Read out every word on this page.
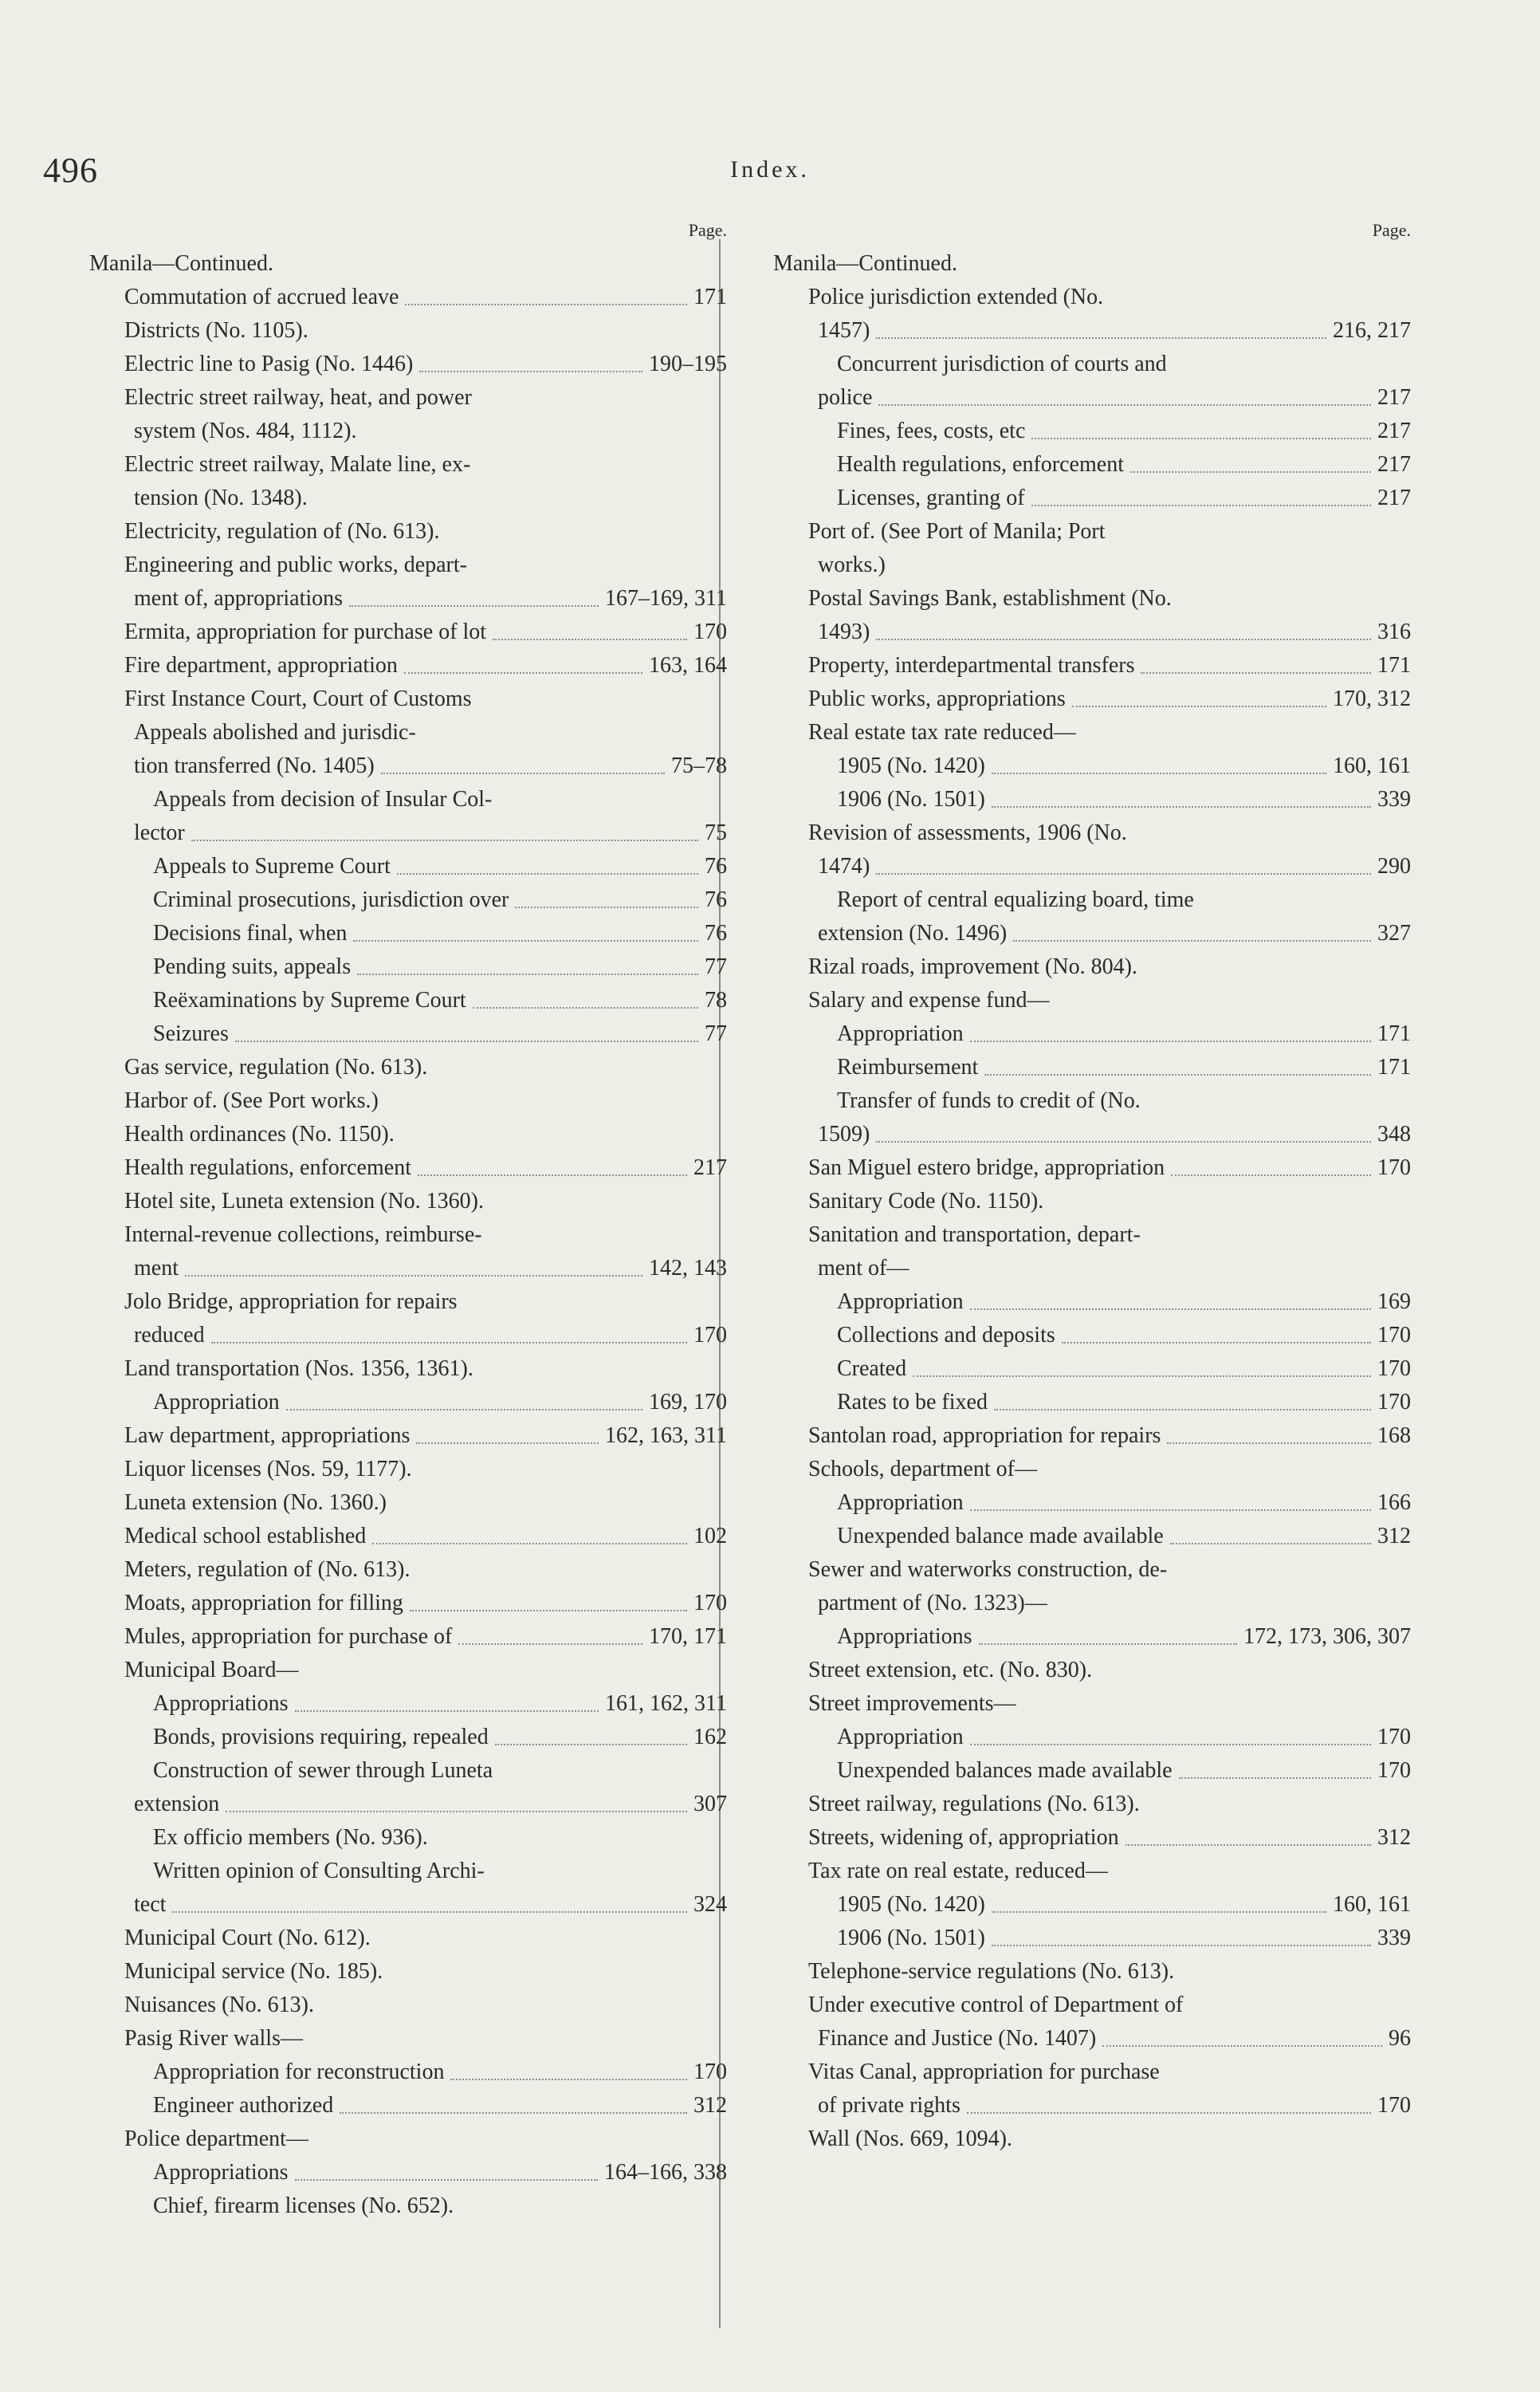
496	Index.
Page.
Manila—Continued.
Commutation of accrued leave	171
Districts (No. 1105).
Electric line to Pasig (No. 1446)	190–195
Electric street railway, heat, and power
system (Nos. 484, 1112).
Electric street railway, Malate line, ex-
tension (No. 1348).
Electricity, regulation of (No. 613).
Engineering and public works, depart-
ment of, appropriations	167–169, 311
Ermita, appropriation for purchase of lot	170
Fire department, appropriation	163, 164
First Instance Court, Court of Customs
Appeals abolished and jurisdic-
tion transferred (No. 1405)	75–78
Appeals from decision of Insular Col-
lector	75
Appeals to Supreme Court	76
Criminal prosecutions, jurisdiction over	76
Decisions final, when	76
Pending suits, appeals	77
Reëxaminations by Supreme Court	78
Seizures	77
Gas service, regulation (No. 613).
Harbor of. (See Port works.)
Health ordinances (No. 1150).
Health regulations, enforcement	217
Hotel site, Luneta extension (No. 1360).
Internal-revenue collections, reimburse-
ment	142, 143
Jolo Bridge, appropriation for repairs
reduced	170
Land transportation (Nos. 1356, 1361).
Appropriation	169, 170
Law department, appropriations	162, 163, 311
Liquor licenses (Nos. 59, 1177).
Luneta extension (No. 1360.)
Medical school established	102
Meters, regulation of (No. 613).
Moats, appropriation for filling	170
Mules, appropriation for purchase of	170, 171
Municipal Board—
Appropriations	161, 162, 311
Bonds, provisions requiring, repealed	162
Construction of sewer through Luneta
extension	307
Ex officio members (No. 936).
Written opinion of Consulting Archi-
tect	324
Municipal Court (No. 612).
Municipal service (No. 185).
Nuisances (No. 613).
Pasig River walls—
Appropriation for reconstruction	170
Engineer authorized	312
Police department—
Appropriations	164–166, 338
Chief, firearm licenses (No. 652).
Page.
Manila—Continued.
Police jurisdiction extended (No.
1457)	216, 217
Concurrent jurisdiction of courts and
police	217
Fines, fees, costs, etc	217
Health regulations, enforcement	217
Licenses, granting of	217
Port of. (See Port of Manila; Port
works.)
Postal Savings Bank, establishment (No.
1493)	316
Property, interdepartmental transfers	171
Public works, appropriations	170, 312
Real estate tax rate reduced—
1905 (No. 1420)	160, 161
1906 (No. 1501)	339
Revision of assessments, 1906 (No.
1474)	290
Report of central equalizing board, time
extension (No. 1496)	327
Rizal roads, improvement (No. 804).
Salary and expense fund—
Appropriation	171
Reimbursement	171
Transfer of funds to credit of (No.
1509)	348
San Miguel estero bridge, appropriation	170
Sanitary Code (No. 1150).
Sanitation and transportation, depart-
ment of—
Appropriation	169
Collections and deposits	170
Created	170
Rates to be fixed	170
Santolan road, appropriation for repairs	168
Schools, department of—
Appropriation	166
Unexpended balance made available	312
Sewer and waterworks construction, de-
partment of (No. 1323)—
Appropriations	172, 173, 306, 307
Street extension, etc. (No. 830).
Street improvements—
Appropriation	170
Unexpended balances made available	170
Street railway, regulations (No. 613).
Streets, widening of, appropriation	312
Tax rate on real estate, reduced—
1905 (No. 1420)	160, 161
1906 (No. 1501)	339
Telephone-service regulations (No. 613).
Under executive control of Department of
Finance and Justice (No. 1407)	96
Vitas Canal, appropriation for purchase
of private rights	170
Wall (Nos. 669, 1094).
